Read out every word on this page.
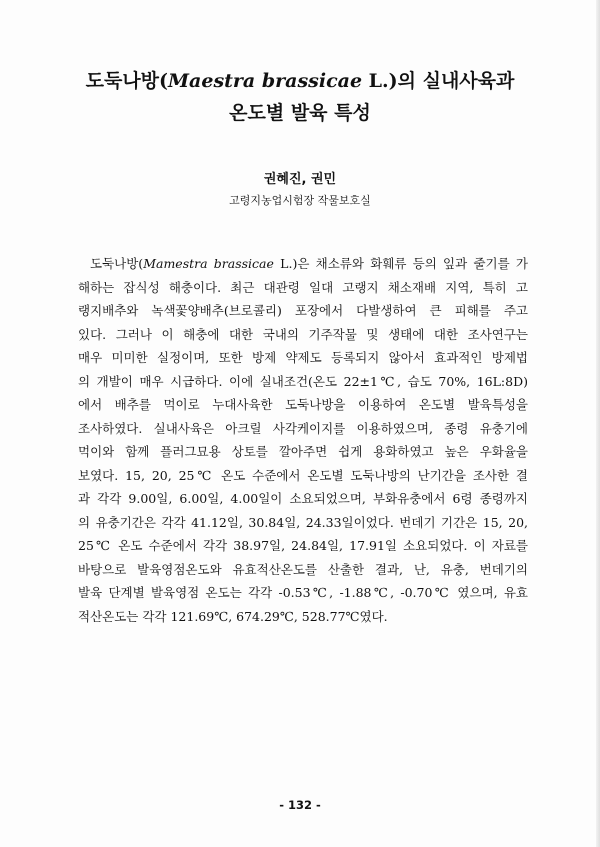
도둑나방(Maestra brassicae L.)의 실내사육과
온도별 발육 특성
권혜진, 권민
고령지농업시험장 작물보호실
도둑나방(Mamestra brassicae L.)은 채소류와 화훼류 등의 잎과 줄기를 가
해하는 잡식성 해충이다. 최근 대관령 일대 고랭지 채소재배 지역, 특히 고
랭지배추와 녹색꽃양배추(브로콜리) 포장에서 다발생하여 큰 피해를 주고
있다. 그러나 이 해충에 대한 국내의 기주작물 및 생태에 대한 조사연구는
매우 미미한 실정이며, 또한 방제 약제도 등록되지 않아서 효과적인 방제법
의 개발이 매우 시급하다. 이에 실내조건(온도 22±1℃, 습도 70%, 16L:8D)
에서 배추를 먹이로 누대사육한 도둑나방을 이용하여 온도별 발육특성을
조사하였다. 실내사육은 아크릴 사각케이지를 이용하였으며, 종령 유충기에
먹이와 함께 플러그묘용 상토를 깔아주면 쉽게 용화하였고 높은 우화율을
보였다. 15, 20, 25℃ 온도 수준에서 온도별 도둑나방의 난기간을 조사한 결
과 각각 9.00일, 6.00일, 4.00일이 소요되었으며, 부화유충에서 6령 종령까지
의 유충기간은 각각 41.12일, 30.84일, 24.33일이었다. 번데기 기간은 15, 20,
25℃ 온도 수준에서 각각 38.97일, 24.84일, 17.91일 소요되었다. 이 자료를
바탕으로 발육영점온도와 유효적산온도를 산출한 결과, 난, 유충, 번데기의
발육 단계별 발육영점 온도는 각각 -0.53℃, -1.88℃, -0.70℃ 였으며, 유효
적산온도는 각각 121.69℃, 674.29℃, 528.77℃였다.
- 132 -
